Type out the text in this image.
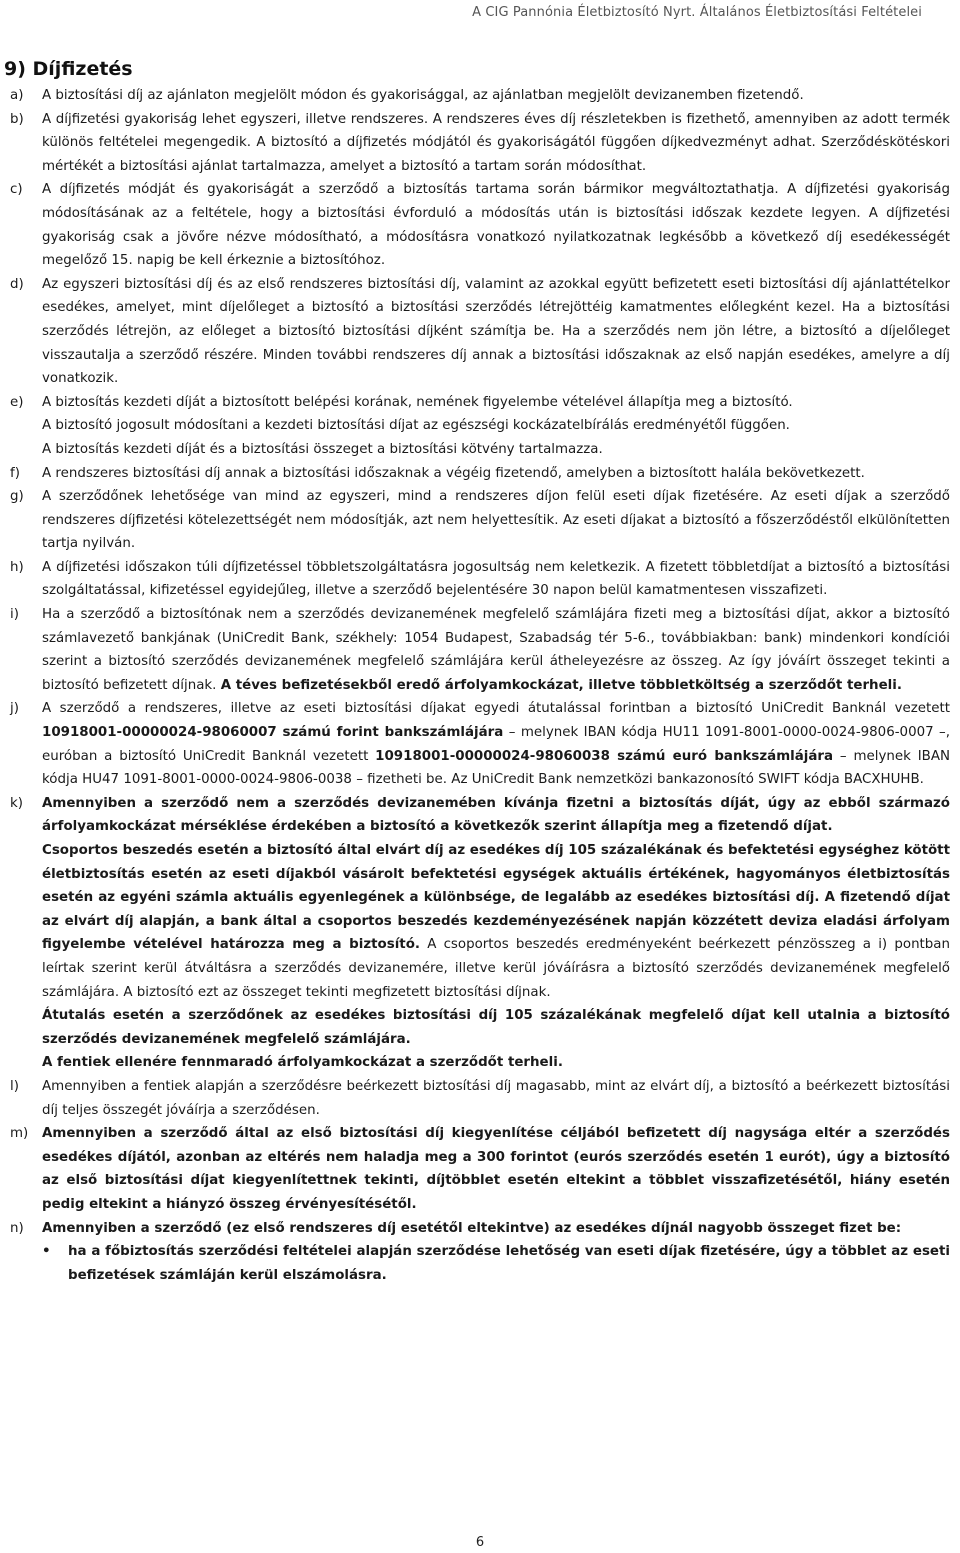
A CIG Pannónia Életbiztosító Nyrt. Általános Életbiztosítási Feltételei
9) Díjfizetés
a)	A biztosítási díj az ajánlaton megjelölt módon és gyakorisággal, az ajánlatban megjelölt devizanemben fizetendő.
b)	A díjfizetési gyakoriság lehet egyszeri, illetve rendszeres. A rendszeres éves díj részletekben is fizethető, amennyiben az adott termék különös feltételei megengedik. A biztosító a díjfizetés módjától és gyakoriságától függően díjkedvezményt adhat. Szerződéskötéskori mértékét a biztosítási ajánlat tartalmazza, amelyet a biztosító a tartam során módosíthat.
c)	A díjfizetés módját és gyakoriságát a szerződő a biztosítás tartama során bármikor megváltoztathatja. A díjfizetési gyakoriság módosításának az a feltétele, hogy a biztosítási évforduló a módosítás után is biztosítási időszak kezdete legyen. A díjfizetési gyakoriság csak a jövőre nézve módosítható, a módosításra vonatkozó nyilatkozatnak legkésőbb a következő díj esedékességét megelőző 15. napig be kell érkeznie a biztosítóhoz.
d)	Az egyszeri biztosítási díj és az első rendszeres biztosítási díj, valamint az azokkal együtt befizetett eseti biztosítási díj ajánlattételkor esedékes, amelyet, mint díjelőleget a biztosító a biztosítási szerződés létrejöttéig kamatmentes előlegként kezel. Ha a biztosítási szerződés létrejön, az előleget a biztosító biztosítási díjként számítja be. Ha a szerződés nem jön létre, a biztosító a díjelőleget visszautalja a szerződő részére. Minden további rendszeres díj annak a biztosítási időszaknak az első napján esedékes, amelyre a díj vonatkozik.
e)	A biztosítás kezdeti díját a biztosított belépési korának, nemének figyelembe vételével állapítja meg a biztosító.
A biztosító jogosult módosítani a kezdeti biztosítási díjat az egészségi kockázatelbírálás eredményétől függően.
A biztosítás kezdeti díját és a biztosítási összeget a biztosítási kötvény tartalmazza.
f)	A rendszeres biztosítási díj annak a biztosítási időszaknak a végéig fizetendő, amelyben a biztosított halála bekövetkezett.
g)	A szerződőnek lehetősége van mind az egyszeri, mind a rendszeres díjon felül eseti díjak fizetésére. Az eseti díjak a szerződő rendszeres díjfizetési kötelezettségét nem módosítják, azt nem helyettesítik. Az eseti díjakat a biztosító a főszerződéstől elkülönítetten tartja nyilván.
h)	A díjfizetési időszakon túli díjfizetéssel többletszolgáltatásra jogosultság nem keletkezik. A fizetett többletdíjat a biztosító a biztosítási szolgáltatással, kifizetéssel egyidejűleg, illetve a szerződő bejelentésére 30 napon belül kamatmentesen visszafizeti.
i)	Ha a szerződő a biztosítónak nem a szerződés devizanemének megfelelő számlájára fizeti meg a biztosítási díjat, akkor a biztosító számlavezető bankjának (UniCredit Bank, székhely: 1054 Budapest, Szabadság tér 5-6., továbbiakban: bank) mindenkori kondíciói szerint a biztosító szerződés devizanemének megfelelő számlájára kerül átheleyezésre az összeg. Az így jóváírt összeget tekinti a biztosító befizetett díjnak. A téves befizetésekből eredő árfolyamkockázat, illetve többletköltség a szerződőt terheli.
j)	A szerződő a rendszeres, illetve az eseti biztosítási díjakat egyedi átutalással forintban a biztosító UniCredit Banknál vezetett 10918001-00000024-98060007 számú forint bankszámlájára – melynek IBAN kódja HU11 1091-8001-0000-0024-9806-0007 –, euróban a biztosító UniCredit Banknál vezetett 10918001-00000024-98060038 számú euró bankszámlájára – melynek IBAN kódja HU47 1091-8001-0000-0024-9806-0038 – fizetheti be. Az UniCredit Bank nemzetközi bankazonosító SWIFT kódja BACXHUHB.
k)	Amennyiben a szerződő nem a szerződés devizanemében kívánja fizetni a biztosítás díját, úgy az ebből származó árfolyamkockázat mérséklése érdekében a biztosító a következők szerint állapítja meg a fizetendő díjat.
Csoportos beszedés esetén a biztosító által elvárt díj az esedékes díj 105 százalékának és befektetési egységhez kötött életbiztosítás esetén az eseti díjakból vásárolt befektetési egységek aktuális értékének, hagyományos életbiztosítás esetén az egyéni számla aktuális egyenlegének a különbsége, de legalább az esedékes biztosítási díj. A fizetendő díjat az elvárt díj alapján, a bank által a csoportos beszedés kezdeményezésének napján közzétett deviza eladási árfolyam figyelembe vételével határozza meg a biztosító. A csoportos beszedés eredményeként beérkezett pénzösszeg a i) pontban leírtak szerint kerül átváltásra a szerződés devizanemére, illetve kerül jóváírásra a biztosító szerződés devizanemének megfelelő számlájára. A biztosító ezt az összeget tekinti megfizetett biztosítási díjnak.
Átutalás esetén a szerződőnek az esedékes biztosítási díj 105 százalékának megfelelő díjat kell utalnia a biztosító szerződés devizanemének megfelelő számlájára.
A fentiek ellenére fennmaradó árfolyamkockázat a szerződőt terheli.
l)	Amennyiben a fentiek alapján a szerződésre beérkezett biztosítási díj magasabb, mint az elvárt díj, a biztosító a beérkezett biztosítási díj teljes összegét jóváírja a szerződésen.
m)	Amennyiben a szerződő által az első biztosítási díj kiegyenlítése céljából befizetett díj nagysága eltér a szerződés esedékes díjától, azonban az eltérés nem haladja meg a 300 forintot (eurós szerződés esetén 1 eurót), úgy a biztosító az első biztosítási díjat kiegyenlítettnek tekinti, díjtöbblet esetén eltekint a többlet visszafizetésétől, hiány esetén pedig eltekint a hiányzó összeg érvényesítésétől.
n)	Amennyiben a szerződő (ez első rendszeres díj esetétől eltekintve) az esedékes díjnál nagyobb összeget fizet be:
•	ha a főbiztosítás szerződési feltételei alapján szerződése lehetőség van eseti díjak fizetésére, úgy a többlet az eseti befizetések számláján kerül elszámolásra.
6
